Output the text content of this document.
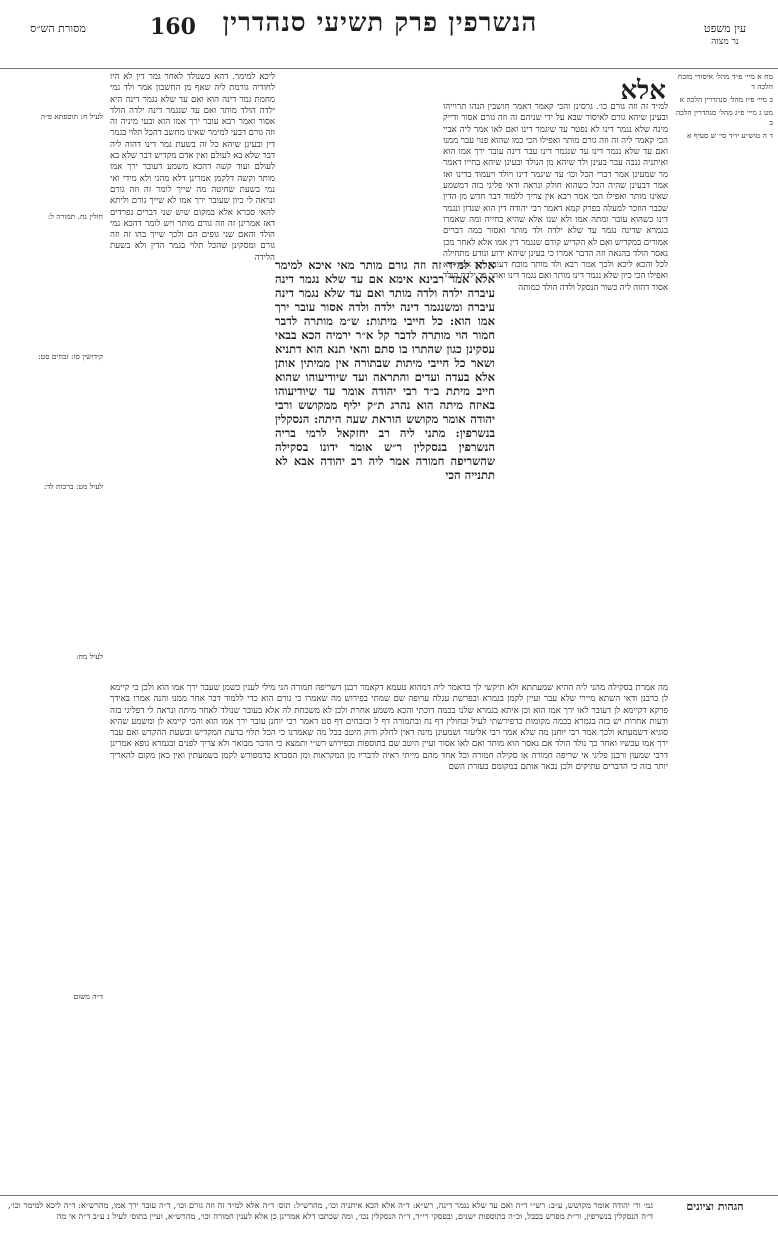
עין משפט
נר מצוה
160 הנשרפין פרק תשיעי סנהדרין
מסורת הש״ס
מח א מיי׳ פ״ד מהל׳ איסורי מזבח הלכה ד
ב מיי׳ פ״ז מהל׳ סנהדרין הלכה א
מט ג מיי׳ פ״ג מהל׳ סנהדרין הלכה ב
ד ה טוש״ע יו״ד סי׳ ש סעיף א
אלא

למ״ד זה וזה גורם כו׳. גרסינן והכי קאמר דאמר חושבין הנהו תרוייהו ובעינן שיהא גורם לאיסור שבא על ידי שניהם זה וזה גורם אסור ודייק מינה שלא נגמר דינו לא נפטר עד שיגמר דינו ואם לאו אמר ליה אביי הכי קאמר ליה זה וזה גורם מותר ואפילו הכי כמו שהוא פנוי עבר ממנו ואם עד שלא נגמר דינו עד שנגמר דינו עבר דינה עובר ירך אמו הוא ואיתניה גנבה עבר בעינן ולד שיהא מן הנולד ובעינן שיהא בחייו דאמר מר שמעינן אמר דברי הכל וכו׳ עד שיגמר דינו ויולד ויעמוד בדינו ואז אמר דבעינן שהיה הכל כשהוא חולק ונראה ודאי פליגי בזה דמשמע שאינו מותר ואפילו הכי אמר רבא אין צריך ללמוד דבר חדש מן הדין שכבר הוזכר למעלה בפרק קמא דאמר רבי יהודה דין הוא שנדון ונגמר דינו כשהוא עובר ומתה אמו ולא שנו אלא שהיא בחייה ומה שאמרו בגמרא שדינה נגמר עד שלא ילדה ולד מותר ואסור במה דברים אמורים במקדיש ואם לא הקדיש קודם שנגמר דין אמו אלא לאחר מכן נאסר הולד בהנאה וזה הדבר אמרו כי בעינן שיהא ידוע ונודע מתחילה לכל והכא ליכא ולכך אמר רבא ולד מותר מוכח דעובר ירך אמו הוא ואפילו הכי כיון שלא נגמר דינו מותר ואם נגמר דינו ואחר כך ילדה הולד אסור דהוה ליה כשור הנסקל ולדה הולד כמותה

אלא למ״ד זה וזה גורם מותר מאי איכא למימר אלא אמר רבינא אימא אם עד שלא נגמר דינה עיברה ילדה ולדה מותר ואם עד שלא נגמר דינה עיברה ומשנגמר דינה ילדה ולדה אסור עובר ירך אמו הוא: כל חייבי מיתות: ש״מ מותרה לדבר חמור הוי מותרה לדבר קל א״ר ירמיה הכא בבאי עסקינן כגון שהתרו בו סתם והאי תנא הוא דתניא ושאר כל חייבי מיתות שבתורה אין ממיתין אותן אלא בעדה ועדים והתראה ועד שיודיעוהו שהוא חייב מיתת ב״ד רבי יהודה אומר עד שיודיעוהו באיזה מיתה הוא נהרג ת״ק יליף ממקושש ורבי יהודה אומר מקושש הוראת שעה היתה: הנסקלין בנשרפין: מתני ליה רב יחזקאל לרמי בריה הנשרפין בנסקלין ר״ש אומר ידונו בסקילה שהשריפה חמורה אמר ליה רב יהודה אבא לא תתנייה הכי

ליכא למימר. דהא כשנולד לאחר גמר דין לא היו לחודיה גורמת ליה שאף מן החשבון אמר ולד נמי מחמת גמר דינה הוא ואם עד שלא נגמר דינה היא ילדה הולד מותר ואם עד שנגמר דינה ילדה הולד אסור ואמר רבא עובר ירך אמו הוא ובעי מיניה זה וזה גורם דבעי למימר שאינו מחשב דהכל תלוי בגמר דין ובעינן שיהא כל זה בשעת גמר דינו דהוה ליה דבר שלא בא לעולם ואין אדם מקדיש דבר שלא בא לעולם ועוד קשה דהכא משמע דעובר ירך אמו מותר וקשה דלקמן אמרינן דלא מהני ולא מידי ואי נמי בשעת שחיטה מה שייך לומר זה וזה גורם ונראה לי כיון שעובר ירך אמו לא שייך גורם וליתא להאי סברא אלא במקום שיש שני דברים נפרדים דאז אמרינן זה וזה גורם מותר ויש לומר דהכא נמי הולד והאם שני גופים הם ולכך שייך בהו זה וזה גורם ומסקינן שהכל תלוי בגמר הדין ולא בשעת הלידה

לעיל ח: תוספתא פ״ה
חולין נח. תמורה ל:
קידושין סז: זבחים סט:
לעיל מט: ברכות לד:
לעיל מח:
ד״ה משום
מה אמרת בסקילה מהני ליה ההיא שמעתתא ולא תיקשי לך כדאמר ליה דמהוא טעמא דקאמר רבנן דשריפה חמורה הני מילי לענין כשמן שעבר ירך אמו הוא ולכן כי קיימא לן כרבנן ודאי השתא מיירי שלא עבר ועיין לקמן בגמרא ובפרשת עגלה ערופה שם שמתי בפירוש מה שאמרו כי גורם הוא כדי ללמוד דבר אחר ממנו והנה אמרו באידך פרקא דקיימא לן דעובר לאו ירך אמו הוא וכן איתא בגמרא שלנו בכמה דוכתי והכא משמע אחרת ולכן לא משכחת לה אלא בעובר שנולד לאחר מיתה ונראה לי דפליגי בזה ודעות אחרות יש בזה בגמרא בכמה מקומות כדפירשתי לעיל ובחולין דף נח ובתמורה דף ל ובזבחים דף סט דאמר רבי יוחנן עובר ירך אמו הוא והכי קיימא לן ומשמע שהיא סוגיא דשמעתא ולכך אמר רבי יוחנן מה שלא אמר רבי אליעזר ושמעינן מינה דאין לחלק ודוק היטב בכל מה שאמרנו כי הכל תלוי בדעת המקדיש ובשעת ההקדש ואם עבר ירך אמו עכשיו ואחר כך נולד הולד אם נאסר הוא מותר ואם לאו אסור ועיין היטב שם בתוספות ובפירוש רש״י ותמצא כי הדבר מבואר ולא צריך לפנים ובגמרא גופא אמרינן דרבי שמעון ורבנן פליגי אי שריפה חמורה או סקילה חמורה וכל אחד מהם מייתי ראיה לדבריו מן המקראות ומן הסברא כדמפורש לקמן בשמעתין ואין כאן מקום להאריך יותר בזה כי הדברים עתיקים ולכן נבאר אותם במקומם בעזרת השם
הגהות וציונים
גמ׳ ור׳ יהודה אומר מקושש, ע״ב: רש״י ד״ה ואם עד שלא נגמר דינה, רש״א: ד״ה אלא הכא איתניה וכו׳, מהרש״ל: תוס׳ ד״ה אלא למ״ד זה וזה גורם וכו׳, ד״ה עובר ירך אמו, מהרש״א: ד״ה ליכא למימר וכו׳, ד״ה הנסקלין בנשרפין, ור״ת מפרש בכבל, וכ״ה בתוספות ישנים, ובפסקי רי״ד, ד״ה הנסקלין נכו׳, ומה שכתבו דלא אמרינן כן אלא לענין חמורה וכו׳, מהרש״א, ועיין בתוס׳ לעיל נ ע״ב ד״ה אי מה
